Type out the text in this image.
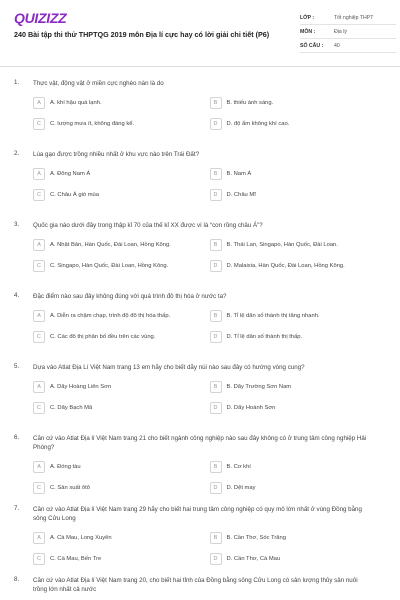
QUIZIZZ
240 Bài tập thi thử THPTQG 2019 môn Địa lí cực hay có lời giải chi tiết (P6)
LỚP :	Tốt nghiệp THPT
MÔN :	Địa lý
SỐ CÂU :	40
1. Thực vật, động vật ở miền cực nghèo nàn là do
A	A. khí hậu quá lạnh.	B	B. thiếu ánh sáng.
C	C. lượng mưa ít, không đáng kể.	D	D. độ ẩm không khí cao.
2. Lúa gạo được trồng nhiều nhất ở khu vực nào trên Trái Đất?
A	A. Đông Nam Á	B	B. Nam Á
C	C. Châu Á gió mùa	D	D. Châu Mĩ
3. Quốc gia nào dưới đây trong thập kỉ 70 của thế kỉ XX được ví là “con rồng châu Á”?
A	A. Nhật Bản, Hàn Quốc, Đài Loan, Hồng Kông.	B	B. Thái Lan, Singapo, Hàn Quốc, Đài Loan.
C	C. Singapo, Hàn Quốc, Đài Loan, Hồng Kông.	D	D. Malaixia, Hàn Quốc, Đài Loan, Hồng Kông.
4. Đặc điểm nào sau đây không đúng với quá trình đô thị hóa ở nước ta?
A	A. Diễn ra chậm chạp, trình độ đô thị hóa thấp.	B	B. Tỉ lệ dân số thành thị tăng nhanh.
C	C. Các đô thị phân bố đều trên các vùng.	D	D. Tỉ lệ dân số thành thị thấp.
5. Dựa vào Atlat Địa Lí Việt Nam trang 13 em hãy cho biết dãy núi nào sau đây có hướng vòng cung?
A	A. Dãy Hoàng Liên Sơn	B	B. Dãy Trường Sơn Nam
C	C. Dãy Bạch Mã	D	D. Dãy Hoành Sơn
6. Căn cứ vào Atlat Địa lí Việt Nam trang 21 cho biết ngành công nghiệp nào sau đây không có ở trung tâm công nghiệp Hải Phòng?
A	A. Đóng tàu	B	B. Cơ khí
C	C. Sản xuất ôtô	D	D. Dệt may
7. Căn cứ vào Atlat Địa lí Việt Nam trang 29 hãy cho biết hai trung tâm công nghiệp có quy mô lớn nhất ở vùng Đồng bằng sông Cửu Long
A	A. Cà Mau, Long Xuyên	B	B. Cần Thơ, Sóc Trăng
C	C. Cà Mau, Bến Tre	D	D. Cần Thơ, Cà Mau
8. Căn cứ vào Atlat Địa lí Việt Nam trang 20, cho biết hai tỉnh của Đồng bằng sông Cửu Long có sản lượng thủy sản nuôi trồng lớn nhất cả nước
